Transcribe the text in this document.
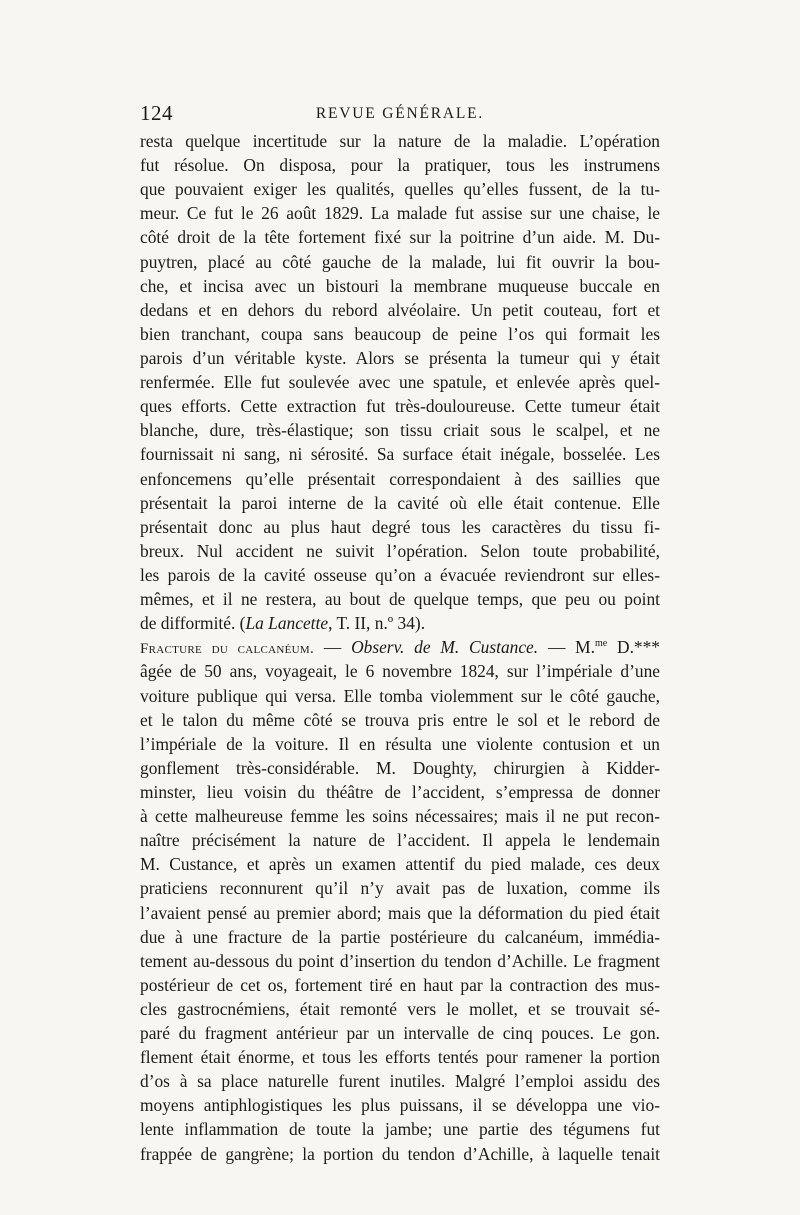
124	REVUE GÉNÉRALE.
resta quelque incertitude sur la nature de la maladie. L’opération
fut résolue. On disposa, pour la pratiquer, tous les instrumens
que pouvaient exiger les qualités, quelles qu’elles fussent, de la tu-
meur. Ce fut le 26 août 1829. La malade fut assise sur une chaise, le
côté droit de la tête fortement fixé sur la poitrine d’un aide. M. Du-
puytren, placé au côté gauche de la malade, lui fit ouvrir la bou-
che, et incisa avec un bistouri la membrane muqueuse buccale en
dedans et en dehors du rebord alvéolaire. Un petit couteau, fort et
bien tranchant, coupa sans beaucoup de peine l’os qui formait les
parois d’un véritable kyste. Alors se présenta la tumeur qui y était
renfermée. Elle fut soulevée avec une spatule, et enlevée après quel-
ques efforts. Cette extraction fut très-douloureuse. Cette tumeur était
blanche, dure, très-élastique; son tissu criait sous le scalpel, et ne
fournissait ni sang, ni sérosité. Sa surface était inégale, bosselée. Les
enfoncemens qu’elle présentait correspondaient à des saillies que
présentait la paroi interne de la cavité où elle était contenue. Elle
présentait donc au plus haut degré tous les caractères du tissu fi-
breux. Nul accident ne suivit l’opération. Selon toute probabilité,
les parois de la cavité osseuse qu’on a évacuée reviendront sur elles-
mêmes, et il ne restera, au bout de quelque temps, que peu ou point
de difformité. (La Lancette, T. II, n.º 34).
Fracture du calcanéum. — Observ. de M. Custance. — M.$^{me}$ D.***
âgée de 50 ans, voyageait, le 6 novembre 1824, sur l’impériale d’une
voiture publique qui versa. Elle tomba violemment sur le côté gauche,
et le talon du même côté se trouva pris entre le sol et le rebord de
l’impériale de la voiture. Il en résulta une violente contusion et un
gonflement très-considérable. M. Doughty, chirurgien à Kidder-
minster, lieu voisin du théâtre de l’accident, s’empressa de donner
à cette malheureuse femme les soins nécessaires; mais il ne put recon-
naître précisément la nature de l’accident. Il appela le lendemain
M. Custance, et après un examen attentif du pied malade, ces deux
praticiens reconnurent qu’il n’y avait pas de luxation, comme ils
l’avaient pensé au premier abord; mais que la déformation du pied était
due à une fracture de la partie postérieure du calcanéum, immédia-
tement au-dessous du point d’insertion du tendon d’Achille. Le fragment
postérieur de cet os, fortement tiré en haut par la contraction des mus-
cles gastrocnémiens, était remonté vers le mollet, et se trouvait sé-
paré du fragment antérieur par un intervalle de cinq pouces. Le gon.
flement était énorme, et tous les efforts tentés pour ramener la portion
d’os à sa place naturelle furent inutiles. Malgré l’emploi assidu des
moyens antiphlogistiques les plus puissans, il se développa une vio-
lente inflammation de toute la jambe; une partie des tégumens fut
frappée de gangrène; la portion du tendon d’Achille, à laquelle tenait
